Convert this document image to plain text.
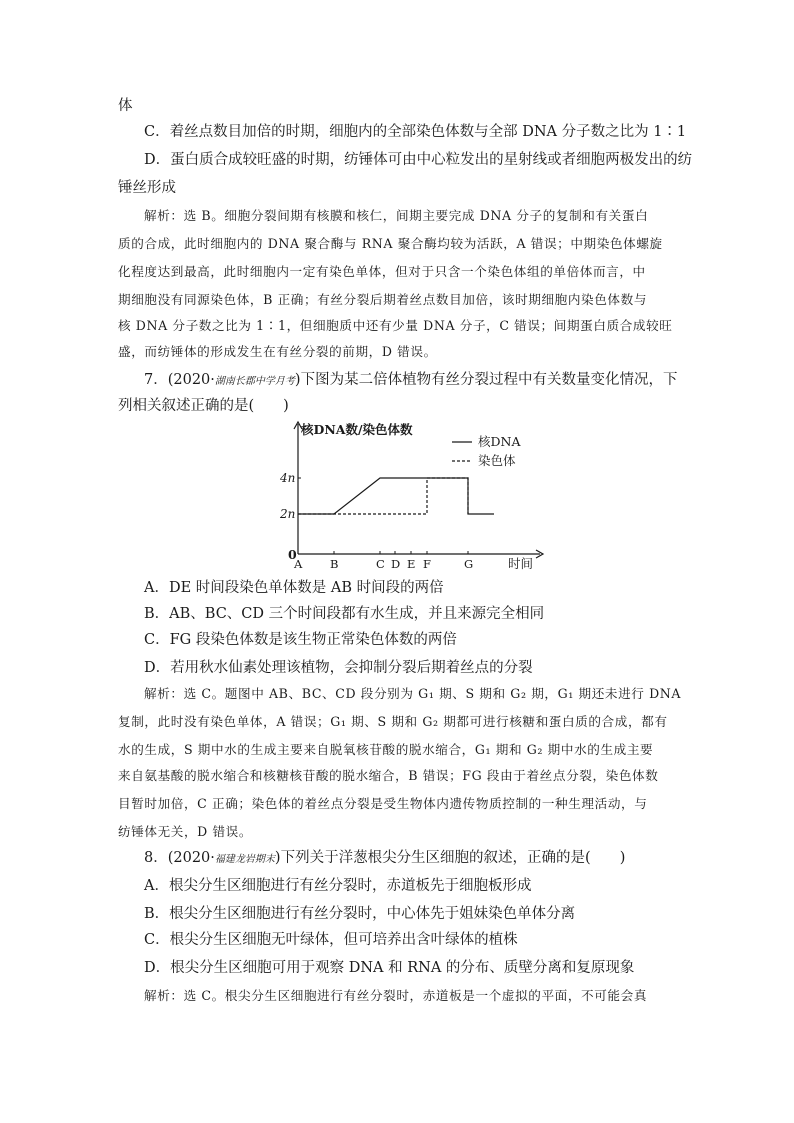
体
C．着丝点数目加倍的时期，细胞内的全部染色体数与全部 DNA 分子数之比为 1∶1
D．蛋白质合成较旺盛的时期，纺锤体可由中心粒发出的星射线或者细胞两极发出的纺
锤丝形成
解析：选 B。细胞分裂间期有核膜和核仁，间期主要完成 DNA 分子的复制和有关蛋白
质的合成，此时细胞内的 DNA 聚合酶与 RNA 聚合酶均较为活跃，A 错误；中期染色体螺旋
化程度达到最高，此时细胞内一定有染色单体，但对于只含一个染色体组的单倍体而言，中
期细胞没有同源染色体，B 正确；有丝分裂后期着丝点数目加倍，该时期细胞内染色体数与
核 DNA 分子数之比为 1∶1，但细胞质中还有少量 DNA 分子，C 错误；间期蛋白质合成较旺
盛，而纺锤体的形成发生在有丝分裂的前期，D 错误。
7．(2020·湖南长郡中学月考)下图为某二倍体植物有丝分裂过程中有关数量变化情况，下
列相关叙述正确的是(　　)
核DNA数/染色体数
时间
0
2n
4n
A B	C D E F	G
核DNA
染色体
A．DE 时间段染色单体数是 AB 时间段的两倍
B．AB、BC、CD 三个时间段都有水生成，并且来源完全相同
C．FG 段染色体数是该生物正常染色体数的两倍
D．若用秋水仙素处理该植物，会抑制分裂后期着丝点的分裂
解析：选 C。题图中 AB、BC、CD 段分别为 G₁ 期、S 期和 G₂ 期，G₁ 期还未进行 DNA
复制，此时没有染色单体，A 错误；G₁ 期、S 期和 G₂ 期都可进行核糖和蛋白质的合成，都有
水的生成，S 期中水的生成主要来自脱氧核苷酸的脱水缩合，G₁ 期和 G₂ 期中水的生成主要
来自氨基酸的脱水缩合和核糖核苷酸的脱水缩合，B 错误；FG 段由于着丝点分裂，染色体数
目暂时加倍，C 正确；染色体的着丝点分裂是受生物体内遗传物质控制的一种生理活动，与
纺锤体无关，D 错误。
8．(2020·福建龙岩期末)下列关于洋葱根尖分生区细胞的叙述，正确的是(　　)
A．根尖分生区细胞进行有丝分裂时，赤道板先于细胞板形成
B．根尖分生区细胞进行有丝分裂时，中心体先于姐妹染色单体分离
C．根尖分生区细胞无叶绿体，但可培养出含叶绿体的植株
D．根尖分生区细胞可用于观察 DNA 和 RNA 的分布、质壁分离和复原现象
解析：选 C。根尖分生区细胞进行有丝分裂时，赤道板是一个虚拟的平面，不可能会真
